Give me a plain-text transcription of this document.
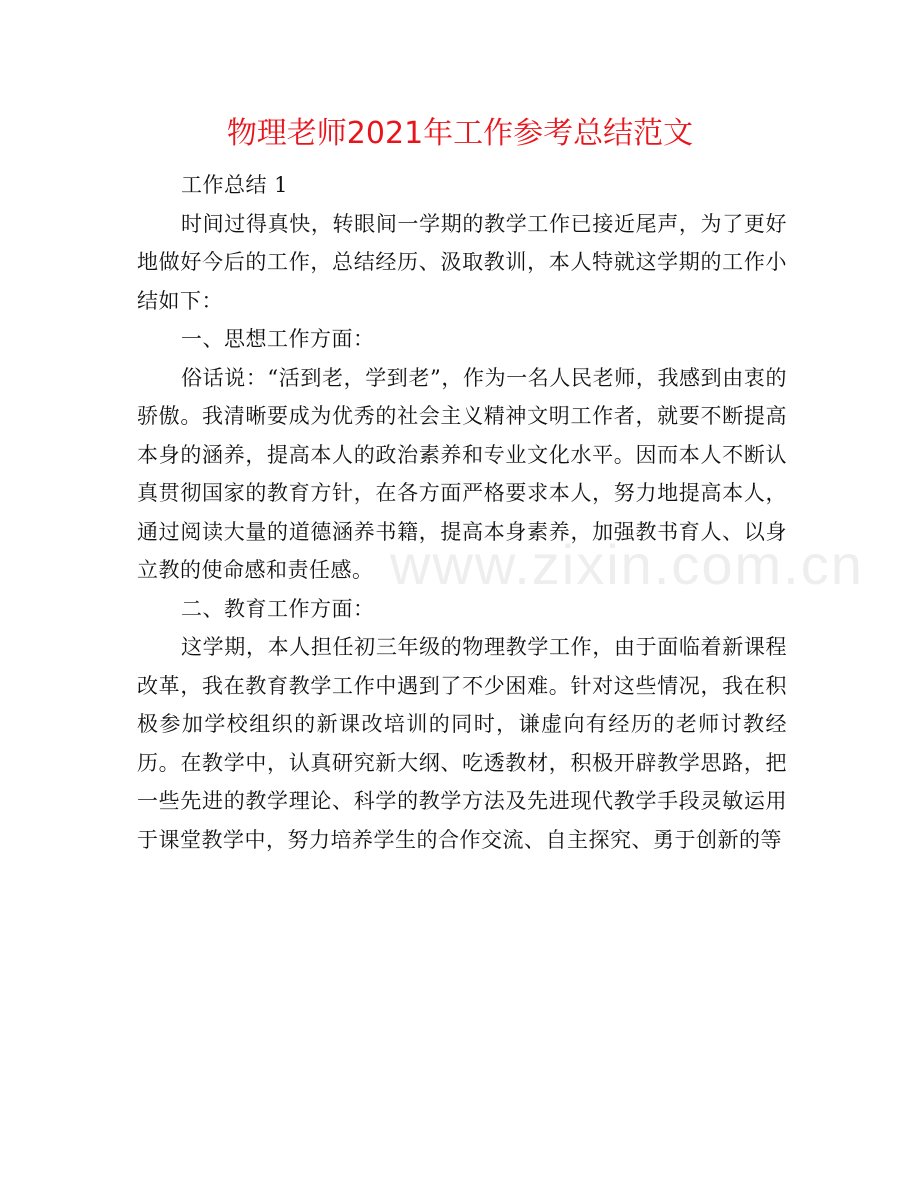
物理老师2021年工作参考总结范文

工作总结 1

时间过得真快，转眼间一学期的教学工作已接近尾声，为了更好地做好今后的工作，总结经历、汲取教训，本人特就这学期的工作小结如下：

一、思想工作方面：

俗话说：“活到老，学到老”，作为一名人民老师，我感到由衷的骄傲。我清晰要成为优秀的社会主义精神文明工作者，就要不断提高本身的涵养，提高本人的政治素养和专业文化水平。因而本人不断认真贯彻国家的教育方针，在各方面严格要求本人，努力地提高本人，通过阅读大量的道德涵养书籍，提高本身素养，加强教书育人、以身立教的使命感和责任感。

二、教育工作方面：

这学期，本人担任初三年级的物理教学工作，由于面临着新课程改革，我在教育教学工作中遇到了不少困难。针对这些情况，我在积极参加学校组织的新课改培训的同时，谦虚向有经历的老师讨教经历。在教学中，认真研究新大纲、吃透教材，积极开辟教学思路，把一些先进的教学理论、科学的教学方法及先进现代教学手段灵敏运用于课堂教学中，努力培养学生的合作交流、自主探究、勇于创新的等

www.zixin.com.cn
